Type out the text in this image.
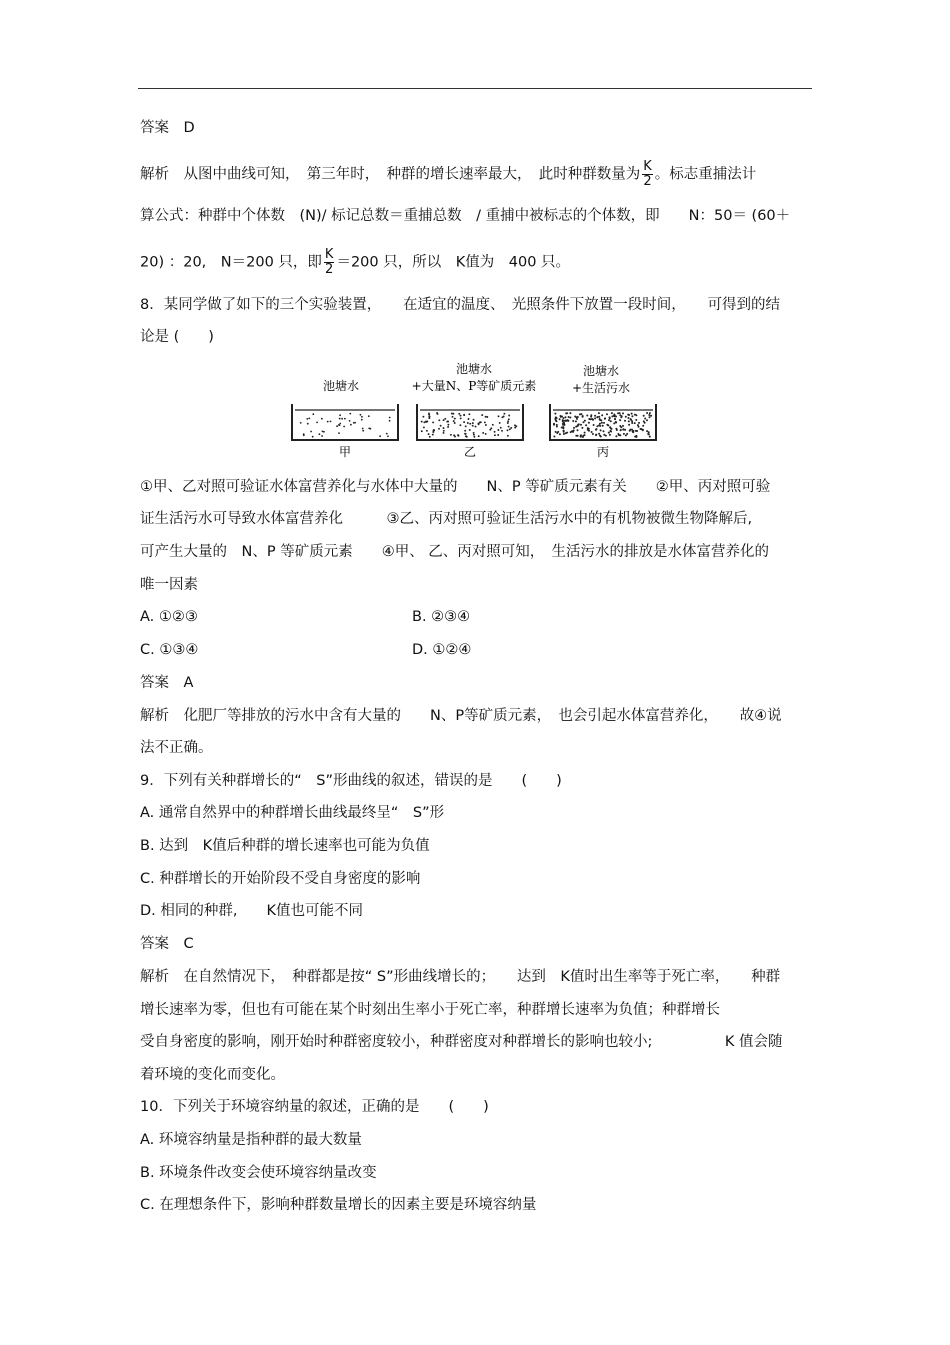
答案　D
解析　从图中曲线可知，　第三年时，　种群的增长速率最大，　此时种群数量为 $\frac{K}{2}$ 。标志重捕法计
算公式：种群中个体数　(N)/ 标记总数＝重捕总数　/ 重捕中被标志的个体数，即　　N：50＝ (60＋
20) ：20,　N＝200 只，即 $\frac{K}{2} =200$ 只，所以　K值为　400 只。
8．某同学做了如下的三个实验装置，　　在适宜的温度、　光照条件下放置一段时间，　　可得到的结
论是 (　　)
池塘水
池塘水
+大量N、P等矿质元素
池塘水
+生活污水
甲	乙	丙
①甲、乙对照可验证水体富营养化与水体中大量的　　N、P 等矿质元素有关　　②甲、丙对照可验
证生活污水可导致水体富营养化　　　③乙、丙对照可验证生活污水中的有机物被微生物降解后,
可产生大量的　N、P 等矿质元素　　④甲、 乙、丙对照可知，　生活污水的排放是水体富营养化的
唯一因素
A. ①②③	B. ②③④
C. ①③④	D. ①②④
答案　A
解析　化肥厂等排放的污水中含有大量的　　N、P等矿质元素，　也会引起水体富营养化，　　故④说
法不正确。
9．下列有关种群增长的“　S”形曲线的叙述，错误的是　　(　　)
A. 通常自然界中的种群增长曲线最终呈“　S”形
B. 达到　K值后种群的增长速率也可能为负值
C. 种群增长的开始阶段不受自身密度的影响
D. 相同的种群,　　K值也可能不同
答案　C
解析　在自然情况下，　种群都是按“ S”形曲线增长的；　　达到　K值时出生率等于死亡率，　　种群
增长速率为零，但也有可能在某个时刻出生率小于死亡率，种群增长速率为负值；种群增长
受自身密度的影响，刚开始时种群密度较小，种群密度对种群增长的影响也较小;　　　　　K 值会随
着环境的变化而变化。
10．下列关于环境容纳量的叙述，正确的是　　(　　)
A. 环境容纳量是指种群的最大数量
B. 环境条件改变会使环境容纳量改变
C. 在理想条件下，影响种群数量增长的因素主要是环境容纳量
